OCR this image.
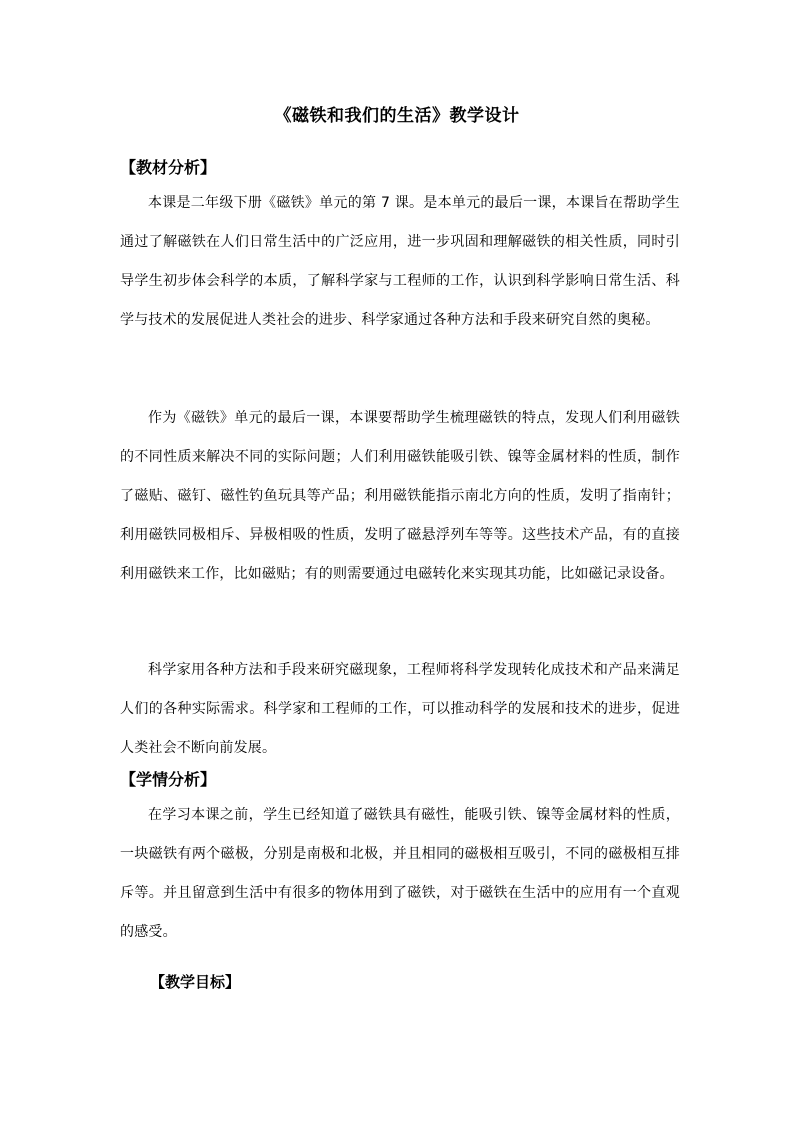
《磁铁和我们的生活》教学设计
【教材分析】

本课是二年级下册《磁铁》单元的第 7 课。是本单元的最后一课，本课旨在帮助学生通过了解磁铁在人们日常生活中的广泛应用，进一步巩固和理解磁铁的相关性质，同时引导学生初步体会科学的本质，了解科学家与工程师的工作，认识到科学影响日常生活、科学与技术的发展促进人类社会的进步、科学家通过各种方法和手段来研究自然的奥秘。

作为《磁铁》单元的最后一课，本课要帮助学生梳理磁铁的特点，发现人们利用磁铁的不同性质来解决不同的实际问题；人们利用磁铁能吸引铁、镍等金属材料的性质，制作了磁贴、磁钉、磁性钓鱼玩具等产品；利用磁铁能指示南北方向的性质，发明了指南针；利用磁铁同极相斥、异极相吸的性质，发明了磁悬浮列车等等。这些技术产品，有的直接利用磁铁来工作，比如磁贴；有的则需要通过电磁转化来实现其功能，比如磁记录设备。

科学家用各种方法和手段来研究磁现象，工程师将科学发现转化成技术和产品来满足人们的各种实际需求。科学家和工程师的工作，可以推动科学的发展和技术的进步，促进人类社会不断向前发展。

【学情分析】

在学习本课之前，学生已经知道了磁铁具有磁性，能吸引铁、镍等金属材料的性质，一块磁铁有两个磁极，分别是南极和北极，并且相同的磁极相互吸引，不同的磁极相互排斥等。并且留意到生活中有很多的物体用到了磁铁，对于磁铁在生活中的应用有一个直观的感受。

【教学目标】
